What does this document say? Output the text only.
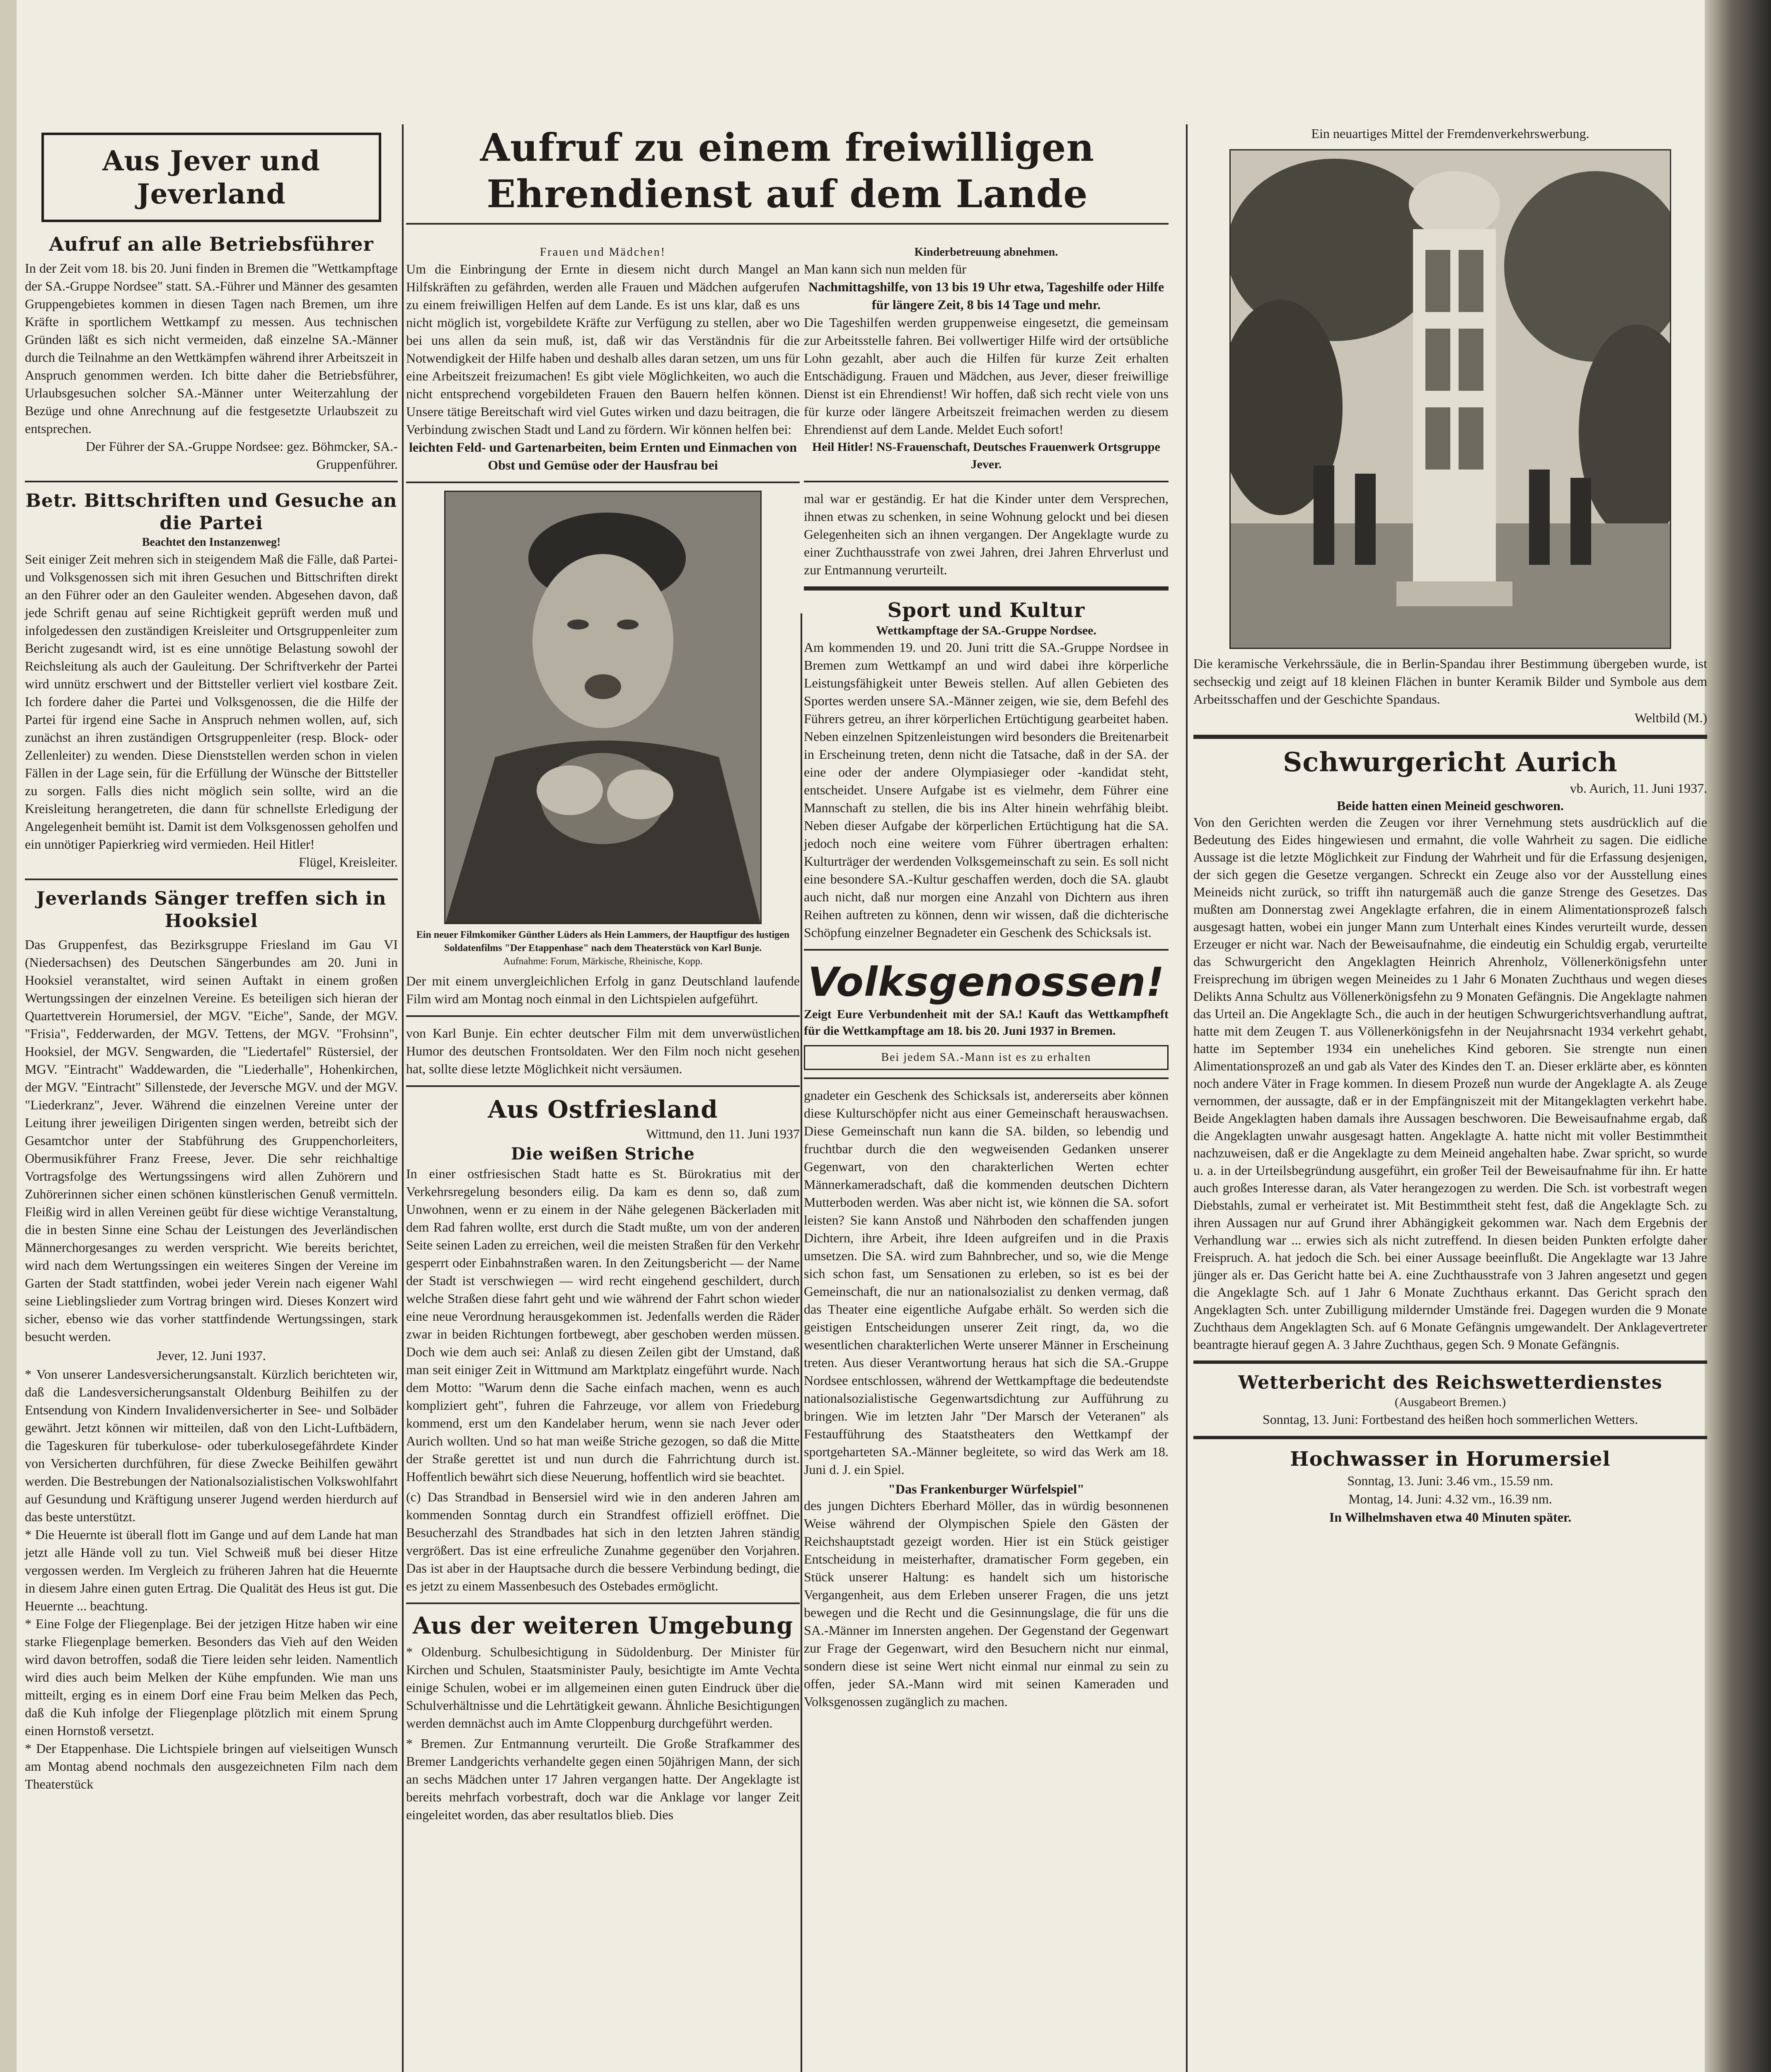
Aus Jever und Jeverland

Aufruf an alle Betriebsführer

In der Zeit vom 18. bis 20. Juni finden in Bremen die "Wettkampftage der SA.-Gruppe Nordsee" statt. SA.-Führer und Männer des gesamten Gruppengebietes kommen in diesen Tagen nach Bremen, um ihre Kräfte in sportlichem Wettkampf zu messen. Aus technischen Gründen läßt es sich nicht vermeiden, daß einzelne SA.-Männer durch die Teilnahme an den Wettkämpfen während ihrer Arbeitszeit in Anspruch genommen werden. Ich bitte daher die Betriebsführer, Urlaubsgesuchen solcher SA.-Männer unter Weiterzahlung der Bezüge und ohne Anrechnung auf die festgesetzte Urlaubszeit zu entsprechen.

Der Führer der SA.-Gruppe Nordsee: gez. Böhmcker, SA.-Gruppenführer.

Betr. Bittschriften und Gesuche an die Partei

Beachtet den Instanzenweg!

Seit einiger Zeit mehren sich in steigendem Maß die Fälle, daß Partei- und Volksgenossen sich mit ihren Gesuchen und Bittschriften direkt an den Führer oder an den Gauleiter wenden. Abgesehen davon, daß jede Schrift genau auf seine Richtigkeit geprüft werden muß und infolgedessen den zuständigen Kreisleiter und Ortsgruppenleiter zum Bericht zugesandt wird, ist es eine unnötige Belastung sowohl der Reichsleitung als auch der Gauleitung. Der Schriftverkehr der Partei wird unnütz erschwert und der Bittsteller verliert viel kostbare Zeit. Ich fordere daher die Partei und Volksgenossen, die die Hilfe der Partei für irgend eine Sache in Anspruch nehmen wollen, auf, sich zunächst an ihren zuständigen Ortsgruppenleiter (resp. Block- oder Zellenleiter) zu wenden. Diese Dienststellen werden schon in vielen Fällen in der Lage sein, für die Erfüllung der Wünsche der Bittsteller zu sorgen. Falls dies nicht möglich sein sollte, wird an die Kreisleitung herangetreten, die dann für schnellste Erledigung der Angelegenheit bemüht ist. Damit ist dem Volksgenossen geholfen und ein unnötiger Papierkrieg wird vermieden. Heil Hitler!

Flügel, Kreisleiter.

Jeverlands Sänger treffen sich in Hooksiel

Das Gruppenfest, das Bezirksgruppe Friesland im Gau VI (Niedersachsen) des Deutschen Sängerbundes am 20. Juni in Hooksiel veranstaltet, wird seinen Auftakt in einem großen Wertungssingen der einzelnen Vereine. Es beteiligen sich hieran der Quartettverein Horumersiel, der MGV. "Eiche", Sande, der MGV. "Frisia", Fedderwarden, der MGV. Tettens, der MGV. "Frohsinn", Hooksiel, der MGV. Sengwarden, die "Liedertafel" Rüstersiel, der MGV. "Eintracht" Waddewarden, die "Liederhalle", Hohenkirchen, der MGV. "Eintracht" Sillenstede, der Jeversche MGV. und der MGV. "Liederkranz", Jever. Während die einzelnen Vereine unter der Leitung ihrer jeweiligen Dirigenten singen werden, betreibt sich der Gesamtchor unter der Stabführung des Gruppenchorleiters, Obermusikführer Franz Freese, Jever. Die sehr reichhaltige Vortragsfolge des Wertungssingens wird allen Zuhörern und Zuhörerinnen sicher einen schönen künstlerischen Genuß vermitteln. Fleißig wird in allen Vereinen geübt für diese wichtige Veranstaltung, die in besten Sinne eine Schau der Leistungen des Jeverländischen Männerchorgesanges zu werden verspricht. Wie bereits berichtet, wird nach dem Wertungssingen ein weiteres Singen der Vereine im Garten der Stadt stattfinden, wobei jeder Verein nach eigener Wahl seine Lieblingslieder zum Vortrag bringen wird. Dieses Konzert wird sicher, ebenso wie das vorher stattfindende Wertungssingen, stark besucht werden.

Jever, 12. Juni 1937.

* Von unserer Landesversicherungsanstalt. Kürzlich berichteten wir, daß die Landesversicherungsanstalt Oldenburg Beihilfen zu der Entsendung von Kindern Invalidenversicherter in See- und Solbäder gewährt. Jetzt können wir mitteilen, daß von den Licht-Luftbädern, die Tageskuren für tuberkulose- oder tuberkulosegefährdete Kinder von Versicherten durchführen, für diese Zwecke Beihilfen gewährt werden. Die Bestrebungen der Nationalsozialistischen Volkswohlfahrt auf Gesundung und Kräftigung unserer Jugend werden hierdurch auf das beste unterstützt.

* Die Heuernte ist überall flott im Gange und auf dem Lande hat man jetzt alle Hände voll zu tun. Viel Schweiß muß bei dieser Hitze vergossen werden. Im Vergleich zu früheren Jahren hat die Heuernte in diesem Jahre einen guten Ertrag. Die Qualität des Heus ist gut. Die Heuernte ... beachtung.

* Eine Folge der Fliegenplage. Bei der jetzigen Hitze haben wir eine starke Fliegenplage bemerken. Besonders das Vieh auf den Weiden wird davon betroffen, sodaß die Tiere leiden sehr leiden. Namentlich wird dies auch beim Melken der Kühe empfunden. Wie man uns mitteilt, erging es in einem Dorf eine Frau beim Melken das Pech, daß die Kuh infolge der Fliegenplage plötzlich mit einem Sprung einen Hornstoß versetzt.

* Der Etappenhase. Die Lichtspiele bringen auf vielseitigen Wunsch am Montag abend nochmals den ausgezeichneten Film nach dem Theaterstück

Aufruf zu einem freiwilligen Ehrendienst auf dem Lande

Frauen und Mädchen!

Um die Einbringung der Ernte in diesem nicht durch Mangel an Hilfskräften zu gefährden, werden alle Frauen und Mädchen aufgerufen zu einem freiwilligen Helfen auf dem Lande. Es ist uns klar, daß es uns nicht möglich ist, vorgebildete Kräfte zur Verfügung zu stellen, aber wo bei uns allen da sein muß, ist, daß wir das Verständnis für die Notwendigkeit der Hilfe haben und deshalb alles daran setzen, um uns für eine Arbeitszeit freizumachen! Es gibt viele Möglichkeiten, wo auch die nicht entsprechend vorgebildeten Frauen den Bauern helfen können. Unsere tätige Bereitschaft wird viel Gutes wirken und dazu beitragen, die Verbindung zwischen Stadt und Land zu fördern. Wir können helfen bei:

leichten Feld- und Gartenarbeiten, beim Ernten und Einmachen von Obst und Gemüse oder der Hausfrau bei

Ein neuer Filmkomiker Günther Lüders als Hein Lammers, der Hauptfigur des lustigen Soldatenfilms "Der Etappenhase" nach dem Theaterstück von Karl Bunje.

Aufnahme: Forum, Märkische, Rheinische, Kopp.

Der mit einem unvergleichlichen Erfolg in ganz Deutschland laufende Film wird am Montag noch einmal in den Lichtspielen aufgeführt.

von Karl Bunje. Ein echter deutscher Film mit dem unverwüstlichen Humor des deutschen Frontsoldaten. Wer den Film noch nicht gesehen hat, sollte diese letzte Möglichkeit nicht versäumen.

Aus Ostfriesland

Wittmund, den 11. Juni 1937

Die weißen Striche

In einer ostfriesischen Stadt hatte es St. Bürokratius mit der Verkehrsregelung besonders eilig. Da kam es denn so, daß zum Unwohnen, wenn er zu einem in der Nähe gelegenen Bäckerladen mit dem Rad fahren wollte, erst durch die Stadt mußte, um von der anderen Seite seinen Laden zu erreichen, weil die meisten Straßen für den Verkehr gesperrt oder Einbahnstraßen waren. In den Zeitungsbericht — der Name der Stadt ist verschwiegen — wird recht eingehend geschildert, durch welche Straßen diese fahrt geht und wie während der Fahrt schon wieder eine neue Verordnung herausgekommen ist. Jedenfalls werden die Räder zwar in beiden Richtungen fortbewegt, aber geschoben werden müssen. Doch wie dem auch sei: Anlaß zu diesen Zeilen gibt der Umstand, daß man seit einiger Zeit in Wittmund am Marktplatz eingeführt wurde. Nach dem Motto: "Warum denn die Sache einfach machen, wenn es auch kompliziert geht", fuhren die Fahrzeuge, vor allem von Friedeburg kommend, erst um den Kandelaber herum, wenn sie nach Jever oder Aurich wollten. Und so hat man weiße Striche gezogen, so daß die Mitte der Straße gerettet ist und nun durch die Fahrrichtung durch ist. Hoffentlich bewährt sich diese Neuerung, hoffentlich wird sie beachtet.

(c) Das Strandbad in Bensersiel wird wie in den anderen Jahren am kommenden Sonntag durch ein Strandfest offiziell eröffnet. Die Besucherzahl des Strandbades hat sich in den letzten Jahren ständig vergrößert. Das ist eine erfreuliche Zunahme gegenüber den Vorjahren. Das ist aber in der Hauptsache durch die bessere Verbindung bedingt, die es jetzt zu einem Massenbesuch des Ostebades ermöglicht.

Aus der weiteren Umgebung

* Oldenburg. Schulbesichtigung in Südoldenburg. Der Minister für Kirchen und Schulen, Staatsminister Pauly, besichtigte im Amte Vechta einige Schulen, wobei er im allgemeinen einen guten Eindruck über die Schulverhältnisse und die Lehrtätigkeit gewann. Ähnliche Besichtigungen werden demnächst auch im Amte Cloppenburg durchgeführt werden.

* Bremen. Zur Entmannung verurteilt. Die Große Strafkammer des Bremer Landgerichts verhandelte gegen einen 50jährigen Mann, der sich an sechs Mädchen unter 17 Jahren vergangen hatte. Der Angeklagte ist bereits mehrfach vorbestraft, doch war die Anklage vor langer Zeit eingeleitet worden, das aber resultatlos blieb. Dies

Kinderbetreuung abnehmen.

Man kann sich nun melden für

Nachmittagshilfe, von 13 bis 19 Uhr etwa, Tageshilfe oder Hilfe für längere Zeit, 8 bis 14 Tage und mehr.

Die Tageshilfen werden gruppenweise eingesetzt, die gemeinsam zur Arbeitsstelle fahren. Bei vollwertiger Hilfe wird der ortsübliche Lohn gezahlt, aber auch die Hilfen für kurze Zeit erhalten Entschädigung. Frauen und Mädchen, aus Jever, dieser freiwillige Dienst ist ein Ehrendienst! Wir hoffen, daß sich recht viele von uns für kurze oder längere Arbeitszeit freimachen werden zu diesem Ehrendienst auf dem Lande. Meldet Euch sofort!

Heil Hitler! NS-Frauenschaft, Deutsches Frauenwerk Ortsgruppe Jever.

mal war er geständig. Er hat die Kinder unter dem Versprechen, ihnen etwas zu schenken, in seine Wohnung gelockt und bei diesen Gelegenheiten sich an ihnen vergangen. Der Angeklagte wurde zu einer Zuchthausstrafe von zwei Jahren, drei Jahren Ehrverlust und zur Entmannung verurteilt.

Sport und Kultur

Wettkampftage der SA.-Gruppe Nordsee.

Am kommenden 19. und 20. Juni tritt die SA.-Gruppe Nordsee in Bremen zum Wettkampf an und wird dabei ihre körperliche Leistungsfähigkeit unter Beweis stellen. Auf allen Gebieten des Sportes werden unsere SA.-Männer zeigen, wie sie, dem Befehl des Führers getreu, an ihrer körperlichen Ertüchtigung gearbeitet haben. Neben einzelnen Spitzenleistungen wird besonders die Breitenarbeit in Erscheinung treten, denn nicht die Tatsache, daß in der SA. der eine oder der andere Olympiasieger oder -kandidat steht, entscheidet. Unsere Aufgabe ist es vielmehr, dem Führer eine Mannschaft zu stellen, die bis ins Alter hinein wehrfähig bleibt. Neben dieser Aufgabe der körperlichen Ertüchtigung hat die SA. jedoch noch eine weitere vom Führer übertragen erhalten: Kulturträger der werdenden Volksgemeinschaft zu sein. Es soll nicht eine besondere SA.-Kultur geschaffen werden, doch die SA. glaubt auch nicht, daß nur morgen eine Anzahl von Dichtern aus ihren Reihen auftreten zu können, denn wir wissen, daß die dichterische Schöpfung einzelner Begnadeter ein Geschenk des Schicksals ist.

Volksgenossen!

Zeigt Eure Verbundenheit mit der SA.! Kauft das Wettkampfheft für die Wettkampftage am 18. bis 20. Juni 1937 in Bremen.

Bei jedem SA.-Mann ist es zu erhalten

gnadeter ein Geschenk des Schicksals ist, andererseits aber können diese Kulturschöpfer nicht aus einer Gemeinschaft herauswachsen. Diese Gemeinschaft nun kann die SA. bilden, so lebendig und fruchtbar durch die den wegweisenden Gedanken unserer Gegenwart, von den charakterlichen Werten echter Männerkameradschaft, daß die kommenden deutschen Dichtern Mutterboden werden. Was aber nicht ist, wie können die SA. sofort leisten? Sie kann Anstoß und Nährboden den schaffenden jungen Dichtern, ihre Arbeit, ihre Ideen aufgreifen und in die Praxis umsetzen. Die SA. wird zum Bahnbrecher, und so, wie die Menge sich schon fast, um Sensationen zu erleben, so ist es bei der Gemeinschaft, die nur an nationalsozialist zu denken vermag, daß das Theater eine eigentliche Aufgabe erhält. So werden sich die geistigen Entscheidungen unserer Zeit ringt, da, wo die wesentlichen charakterlichen Werte unserer Männer in Erscheinung treten. Aus dieser Verantwortung heraus hat sich die SA.-Gruppe Nordsee entschlossen, während der Wettkampftage die bedeutendste nationalsozialistische Gegenwartsdichtung zur Aufführung zu bringen. Wie im letzten Jahr "Der Marsch der Veteranen" als Festaufführung des Staatstheaters den Wettkampf der sportgeharteten SA.-Männer begleitete, so wird das Werk am 18. Juni d. J. ein Spiel.

"Das Frankenburger Würfelspiel"

des jungen Dichters Eberhard Möller, das in würdig besonnenen Weise während der Olympischen Spiele den Gästen der Reichshauptstadt gezeigt worden. Hier ist ein Stück geistiger Entscheidung in meisterhafter, dramatischer Form gegeben, ein Stück unserer Haltung: es handelt sich um historische Vergangenheit, aus dem Erleben unserer Fragen, die uns jetzt bewegen und die Recht und die Gesinnungslage, die für uns die SA.-Männer im Innersten angehen. Der Gegenstand der Gegenwart zur Frage der Gegenwart, wird den Besuchern nicht nur einmal, sondern diese ist seine Wert nicht einmal nur einmal zu sein zu offen, jeder SA.-Mann wird mit seinen Kameraden und Volksgenossen zugänglich zu machen.

Ein neuartiges Mittel der Fremdenverkehrswerbung.

Die keramische Verkehrssäule, die in Berlin-Spandau ihrer Bestimmung übergeben wurde, ist sechseckig und zeigt auf 18 kleinen Flächen in bunter Keramik Bilder und Symbole aus dem Arbeitsschaffen und der Geschichte Spandaus.

Weltbild (M.)

Schwurgericht Aurich

vb. Aurich, 11. Juni 1937.

Beide hatten einen Meineid geschworen.

Von den Gerichten werden die Zeugen vor ihrer Vernehmung stets ausdrücklich auf die Bedeutung des Eides hingewiesen und ermahnt, die volle Wahrheit zu sagen. Die eidliche Aussage ist die letzte Möglichkeit zur Findung der Wahrheit und für die Erfassung desjenigen, der sich gegen die Gesetze vergangen. Schreckt ein Zeuge also vor der Ausstellung eines Meineids nicht zurück, so trifft ihn naturgemäß auch die ganze Strenge des Gesetzes. Das mußten am Donnerstag zwei Angeklagte erfahren, die in einem Alimentationsprozeß falsch ausgesagt hatten, wobei ein junger Mann zum Unterhalt eines Kindes verurteilt wurde, dessen Erzeuger er nicht war. Nach der Beweisaufnahme, die eindeutig ein Schuldig ergab, verurteilte das Schwurgericht den Angeklagten Heinrich Ahrenholz, Völlenerkönigsfehn unter Freisprechung im übrigen wegen Meineides zu 1 Jahr 6 Monaten Zuchthaus und wegen dieses Delikts Anna Schultz aus Völlenerkönigsfehn zu 9 Monaten Gefängnis. Die Angeklagte nahmen das Urteil an. Die Angeklagte Sch., die auch in der heutigen Schwurgerichtsverhandlung auftrat, hatte mit dem Zeugen T. aus Völlenerkönigsfehn in der Neujahrsnacht 1934 verkehrt gehabt, hatte im September 1934 ein uneheliches Kind geboren. Sie strengte nun einen Alimentationsprozeß an und gab als Vater des Kindes den T. an. Dieser erklärte aber, es könnten noch andere Väter in Frage kommen. In diesem Prozeß nun wurde der Angeklagte A. als Zeuge vernommen, der aussagte, daß er in der Empfängniszeit mit der Mitangeklagten verkehrt habe. Beide Angeklagten haben damals ihre Aussagen beschworen. Die Beweisaufnahme ergab, daß die Angeklagten unwahr ausgesagt hatten. Angeklagte A. hatte nicht mit voller Bestimmtheit nachzuweisen, daß er die Angeklagte zu dem Meineid angehalten habe. Zwar spricht, so wurde u. a. in der Urteilsbegründung ausgeführt, ein großer Teil der Beweisaufnahme für ihn. Er hatte auch großes Interesse daran, als Vater herangezogen zu werden. Die Sch. ist vorbestraft wegen Diebstahls, zumal er verheiratet ist. Mit Bestimmtheit steht fest, daß die Angeklagte Sch. zu ihren Aussagen nur auf Grund ihrer Abhängigkeit gekommen war. Nach dem Ergebnis der Verhandlung war ... erwies sich als nicht zutreffend. In diesen beiden Punkten erfolgte daher Freispruch. A. hat jedoch die Sch. bei einer Aussage beeinflußt. Die Angeklagte war 13 Jahre jünger als er. Das Gericht hatte bei A. eine Zuchthausstrafe von 3 Jahren angesetzt und gegen die Angeklagte Sch. auf 1 Jahr 6 Monate Zuchthaus erkannt. Das Gericht sprach den Angeklagten Sch. unter Zubilligung mildernder Umstände frei. Dagegen wurden die 9 Monate Zuchthaus dem Angeklagten Sch. auf 6 Monate Gefängnis umgewandelt. Der Anklagevertreter beantragte hierauf gegen A. 3 Jahre Zuchthaus, gegen Sch. 9 Monate Gefängnis.

Wetterbericht des Reichswetterdienstes

(Ausgabeort Bremen.)

Sonntag, 13. Juni: Fortbestand des heißen hoch sommerlichen Wetters.

Hochwasser in Horumersiel

Sonntag, 13. Juni: 3.46 vm., 15.59 nm.

Montag, 14. Juni: 4.32 vm., 16.39 nm.

In Wilhelmshaven etwa 40 Minuten später.
